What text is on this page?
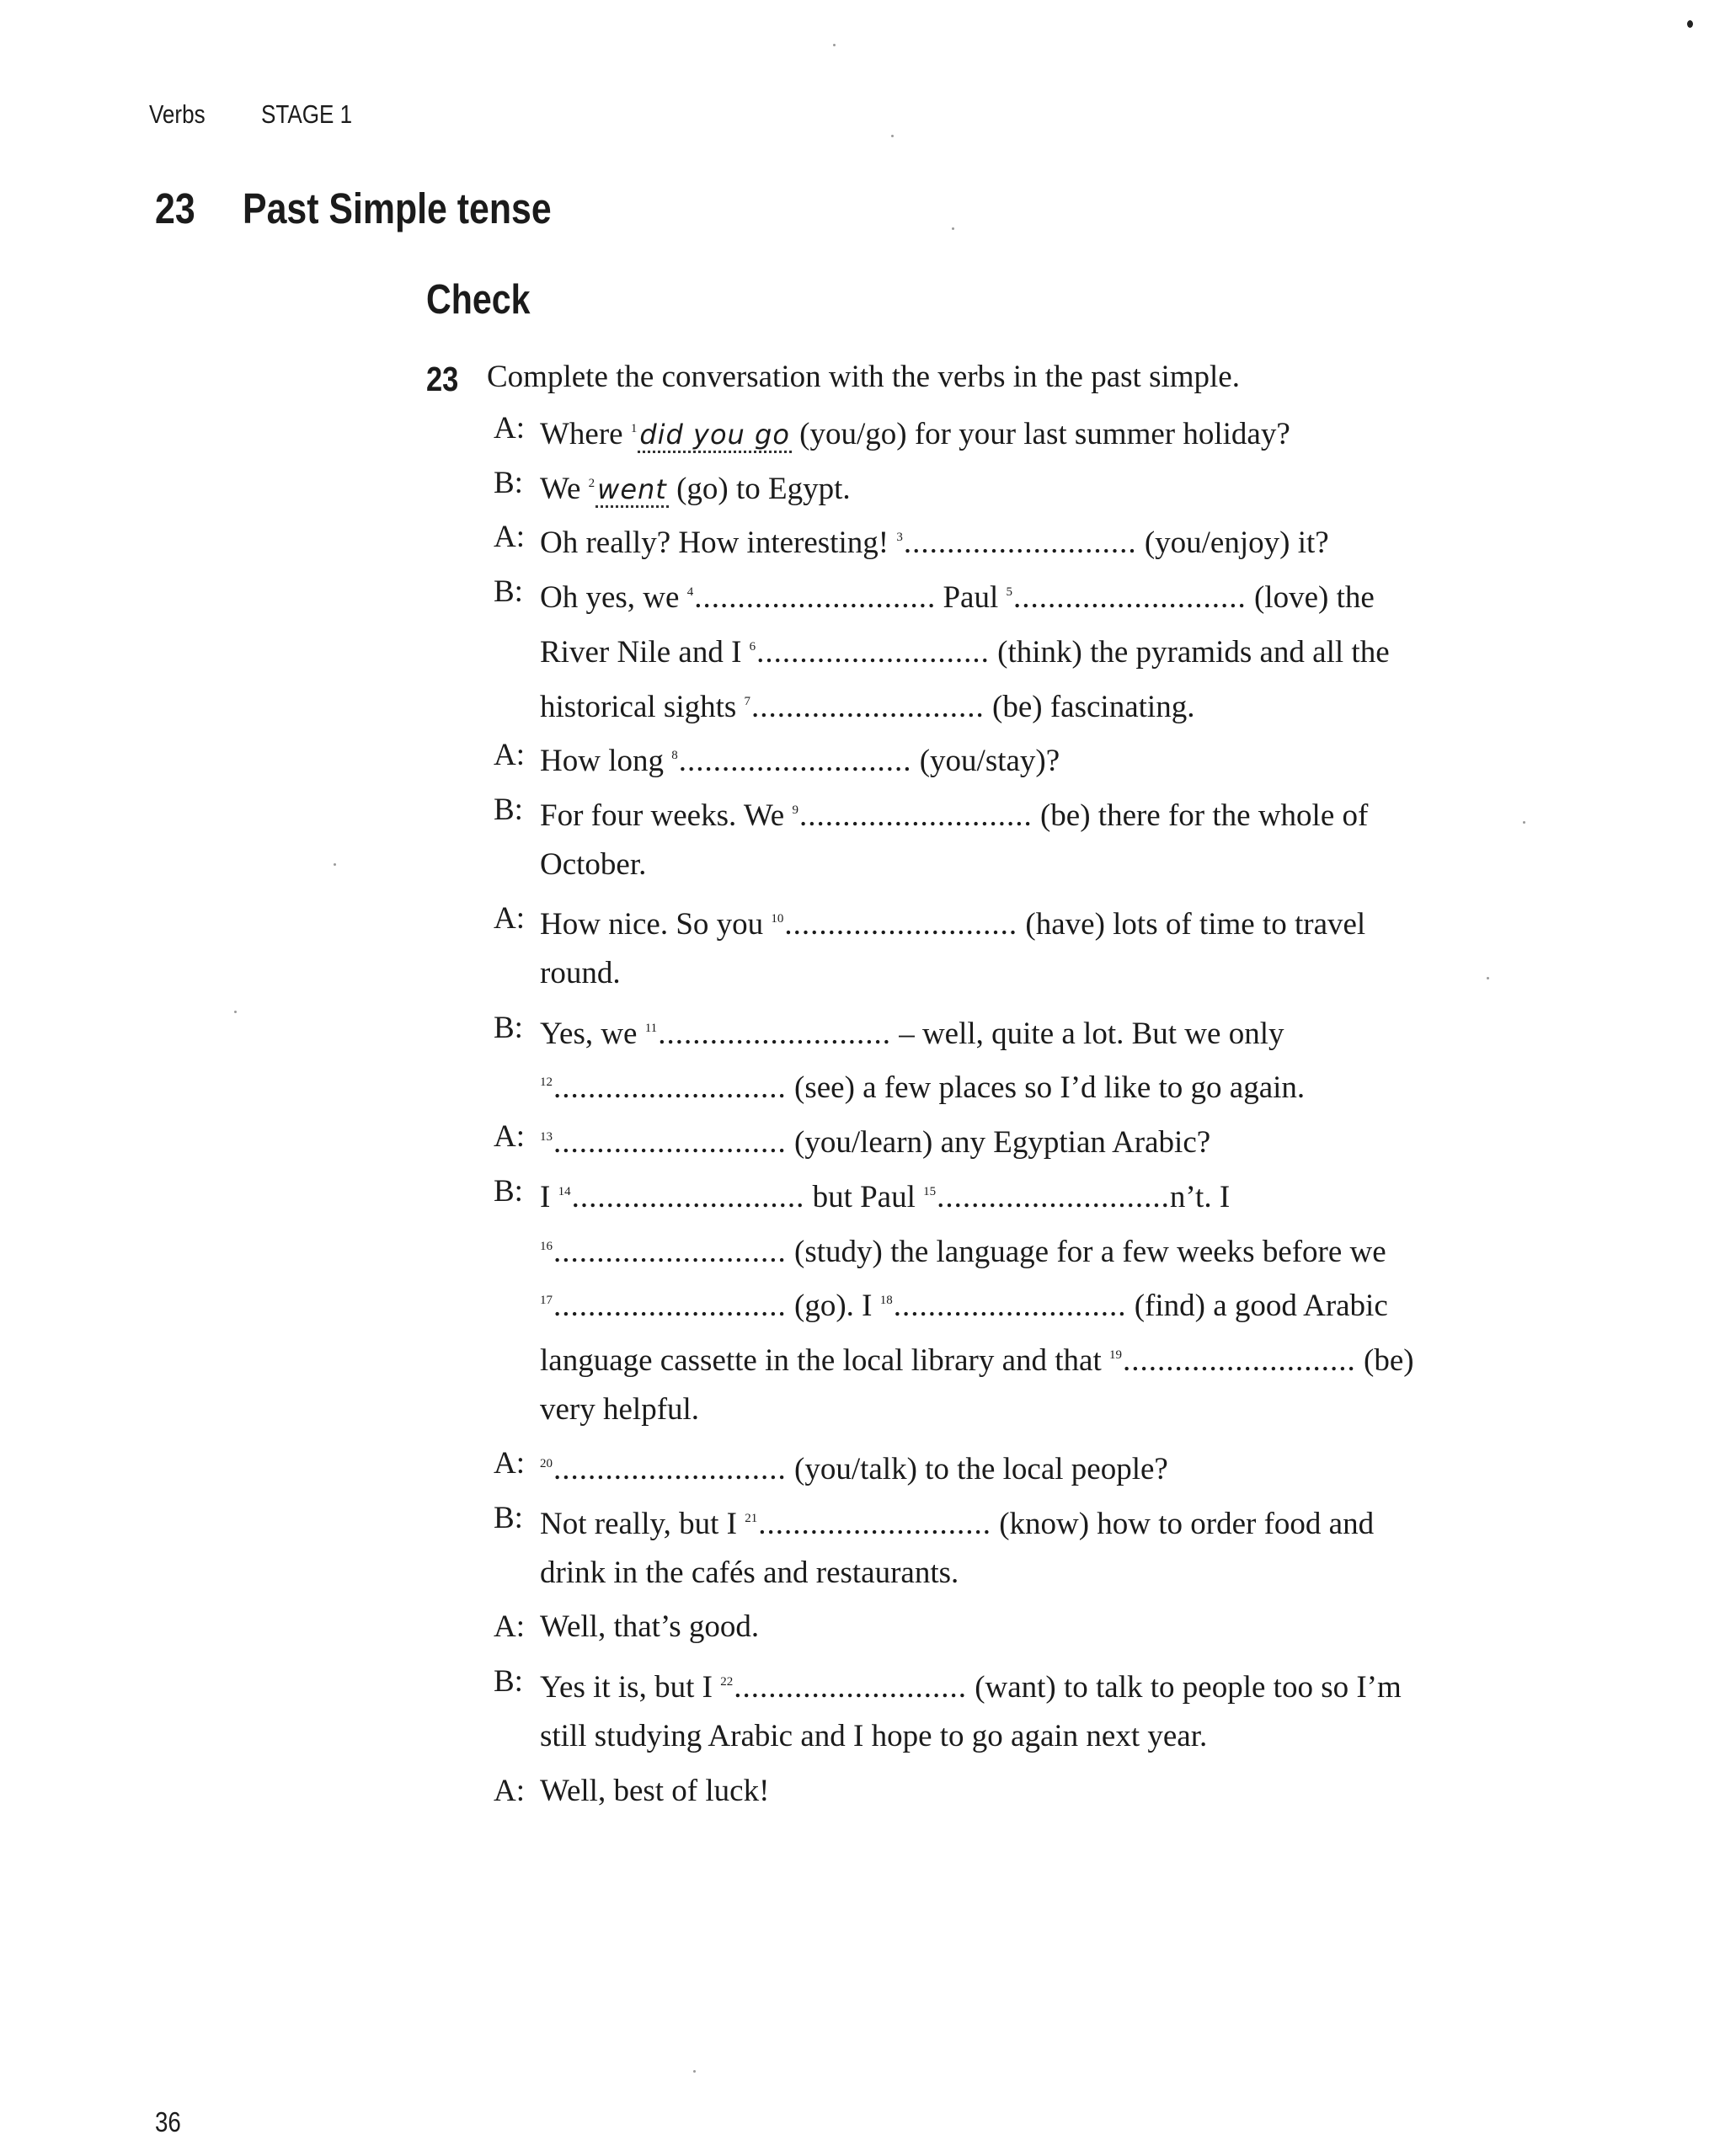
Verbs STAGE 1
23 Past Simple tense
Check
23 Complete the conversation with the verbs in the past simple.
A: Where $^1$did you go (you/go) for your last summer holiday?
B: We $^2$went (go) to Egypt.
A: Oh really? How interesting! $^3$........................... (you/enjoy) it?
B: Oh yes, we $^4$............................ Paul $^5$........................... (love) the
River Nile and I $^6$........................... (think) the pyramids and all the
historical sights $^7$........................... (be) fascinating.
A: How long $^8$........................... (you/stay)?
B: For four weeks. We $^9$........................... (be) there for the whole of
October.
A: How nice. So you $^{10}$........................... (have) lots of time to travel
round.
B: Yes, we $^{11}$........................... – well, quite a lot. But we only
$^{12}$........................... (see) a few places so I’d like to go again.
A: $^{13}$........................... (you/learn) any Egyptian Arabic?
B: I $^{14}$........................... but Paul $^{15}$...........................n’t. I
$^{16}$........................... (study) the language for a few weeks before we
$^{17}$........................... (go). I $^{18}$........................... (find) a good Arabic
language cassette in the local library and that $^{19}$........................... (be)
very helpful.
A: $^{20}$........................... (you/talk) to the local people?
B: Not really, but I $^{21}$........................... (know) how to order food and
drink in the cafés and restaurants.
A: Well, that’s good.
B: Yes it is, but I $^{22}$........................... (want) to talk to people too so I’m
still studying Arabic and I hope to go again next year.
A: Well, best of luck!
36
